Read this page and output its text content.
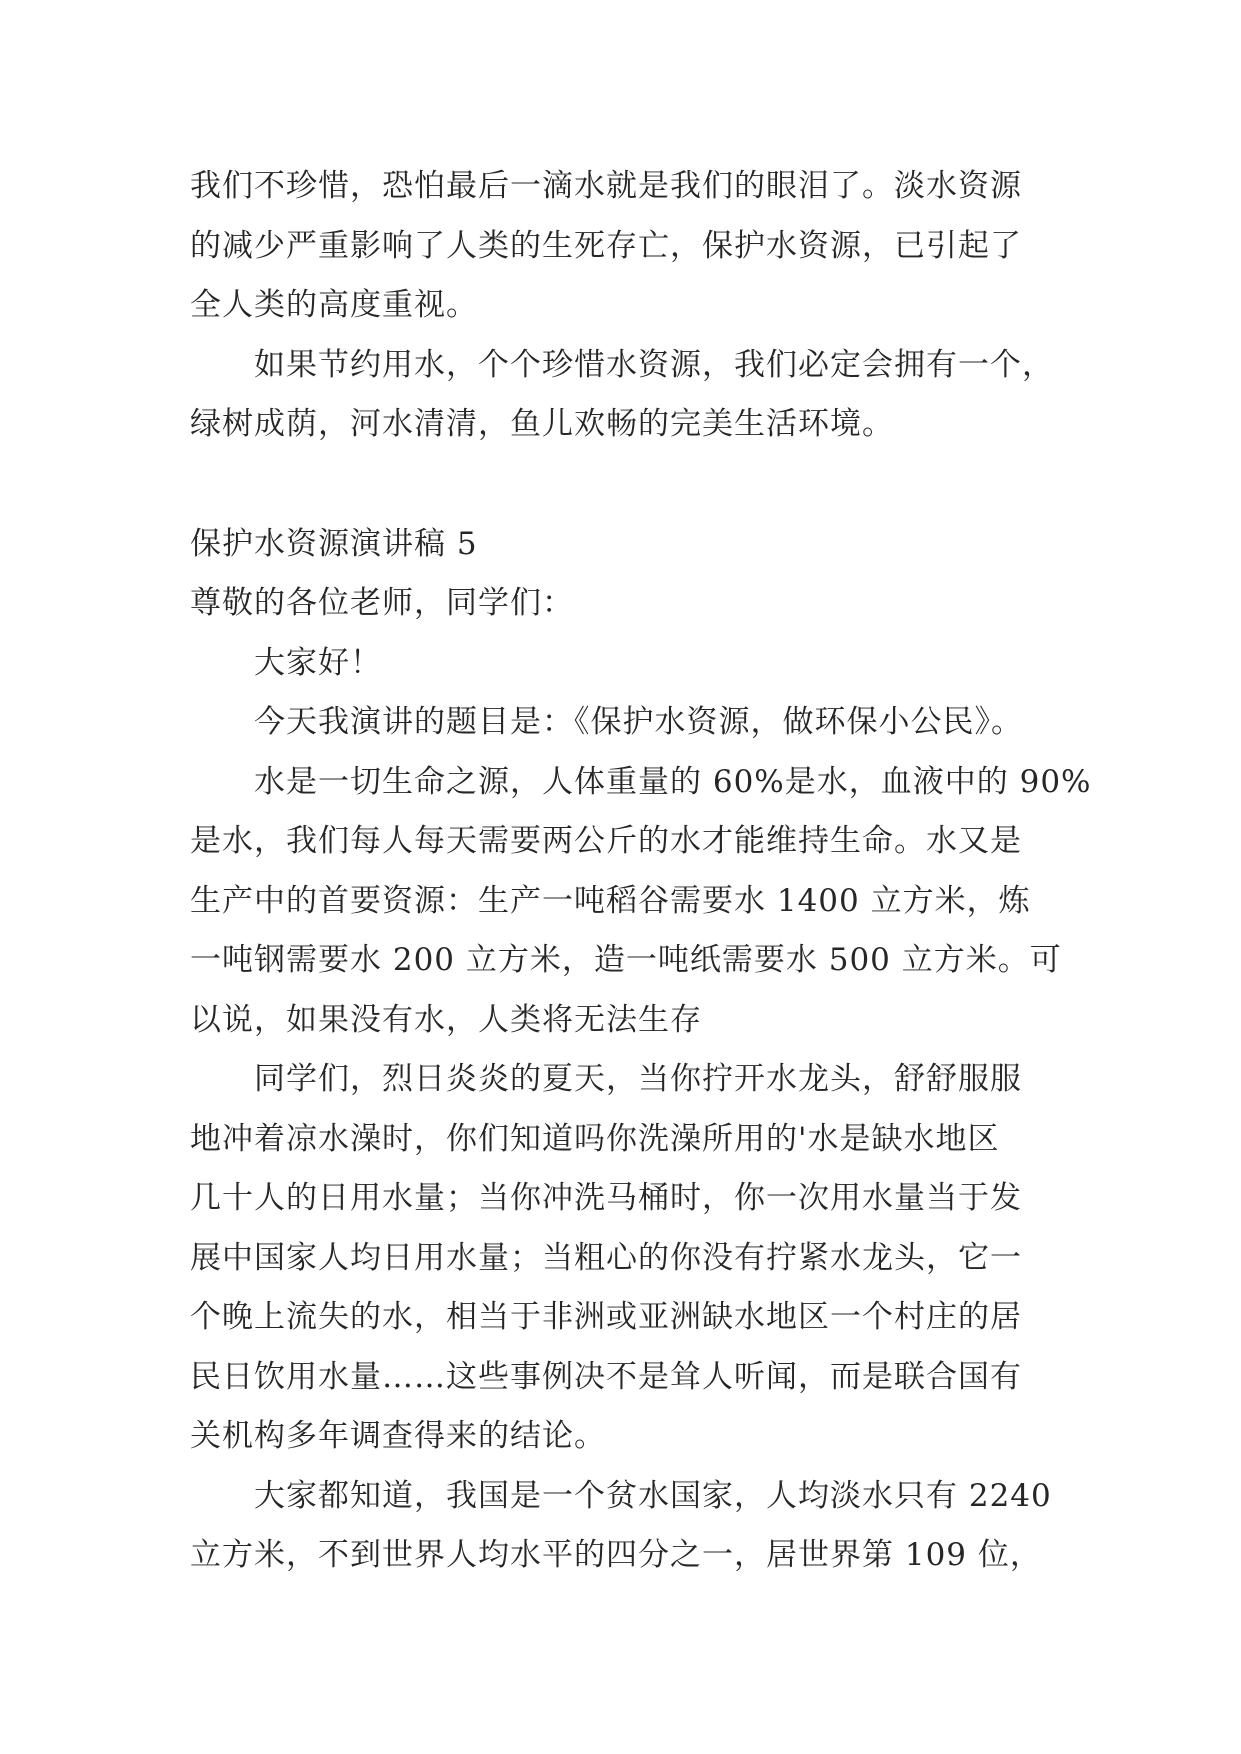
我们不珍惜，恐怕最后一滴水就是我们的眼泪了。淡水资源
的减少严重影响了人类的生死存亡，保护水资源，已引起了
全人类的高度重视。
如果节约用水，个个珍惜水资源，我们必定会拥有一个，
绿树成荫，河水清清，鱼儿欢畅的完美生活环境。
保护水资源演讲稿 5
尊敬的各位老师，同学们：
大家好！
今天我演讲的题目是：《保护水资源，做环保小公民》。
水是一切生命之源，人体重量的 60%是水，血液中的 90%
是水，我们每人每天需要两公斤的水才能维持生命。水又是
生产中的首要资源：生产一吨稻谷需要水 1400 立方米，炼
一吨钢需要水 200 立方米，造一吨纸需要水 500 立方米。可
以说，如果没有水，人类将无法生存
同学们，烈日炎炎的夏天，当你拧开水龙头，舒舒服服
地冲着凉水澡时，你们知道吗你洗澡所用的'水是缺水地区
几十人的日用水量；当你冲洗马桶时，你一次用水量当于发
展中国家人均日用水量；当粗心的你没有拧紧水龙头，它一
个晚上流失的水，相当于非洲或亚洲缺水地区一个村庄的居
民日饮用水量……这些事例决不是耸人听闻，而是联合国有
关机构多年调查得来的结论。
大家都知道，我国是一个贫水国家，人均淡水只有 2240
立方米，不到世界人均水平的四分之一，居世界第 109 位，
